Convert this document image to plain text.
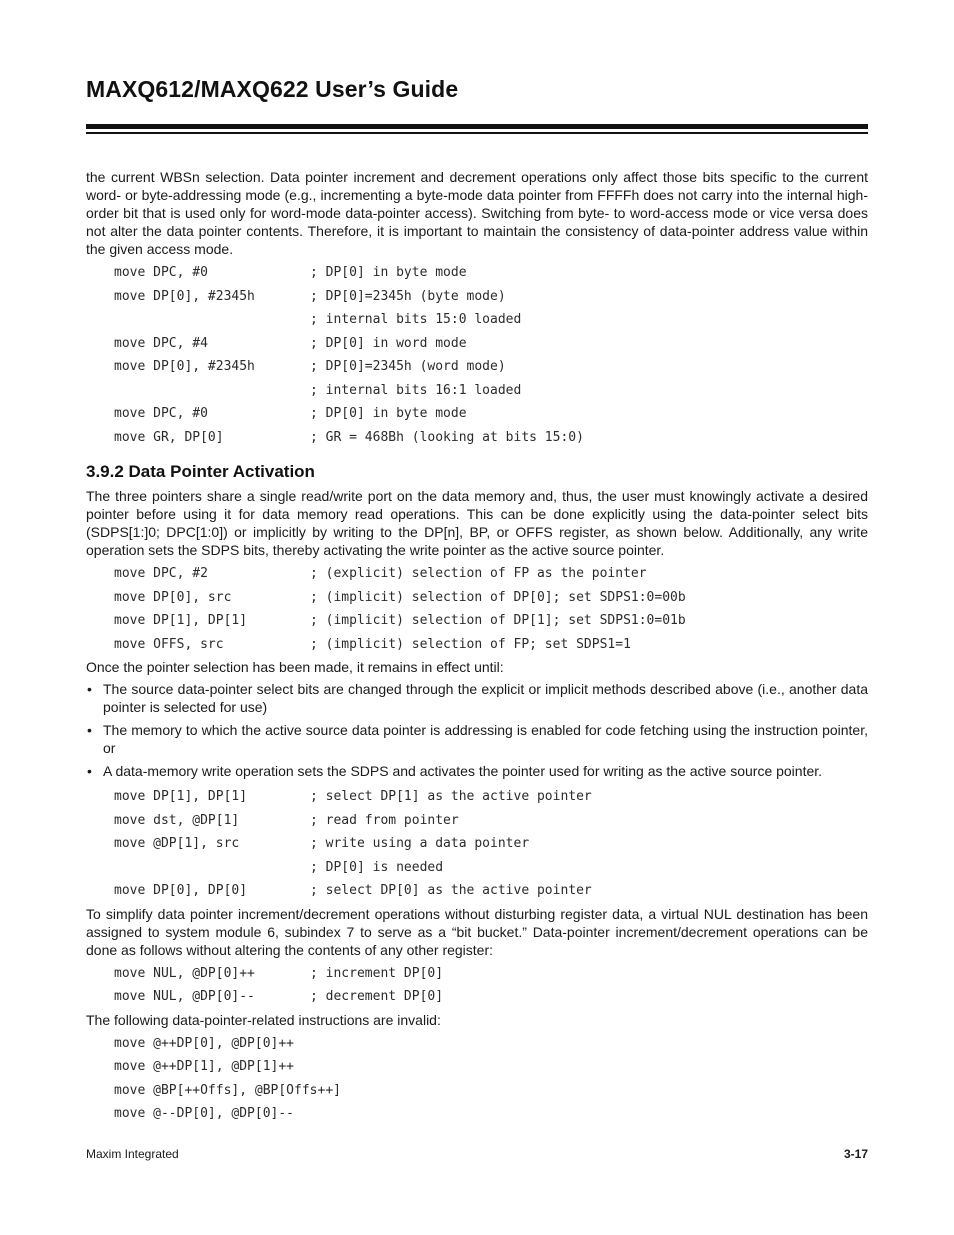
MAXQ612/MAXQ622 User’s Guide

the current WBSn selection. Data pointer increment and decrement operations only affect those bits specific to the current word- or byte-addressing mode (e.g., incrementing a byte-mode data pointer from FFFFh does not carry into the internal high-order bit that is used only for word-mode data-pointer access). Switching from byte- to word-access mode or vice versa does not alter the data pointer contents. Therefore, it is important to maintain the consistency of data-pointer address value within the given access mode.

move DPC, #0	; DP[0] in byte mode
move DP[0], #2345h	; DP[0]=2345h (byte mode)
; internal bits 15:0 loaded
move DPC, #4	; DP[0] in word mode
move DP[0], #2345h	; DP[0]=2345h (word mode)
; internal bits 16:1 loaded
move DPC, #0	; DP[0] in byte mode
move GR, DP[0]	; GR = 468Bh (looking at bits 15:0)
3.9.2 Data Pointer Activation

The three pointers share a single read/write port on the data memory and, thus, the user must knowingly activate a desired pointer before using it for data memory read operations. This can be done explicitly using the data-pointer select bits (SDPS[1:]0; DPC[1:0]) or implicitly by writing to the DP[n], BP, or OFFS register, as shown below. Additionally, any write operation sets the SDPS bits, thereby activating the write pointer as the active source pointer.

move DPC, #2	; (explicit) selection of FP as the pointer
move DP[0], src	; (implicit) selection of DP[0]; set SDPS1:0=00b
move DP[1], DP[1]	; (implicit) selection of DP[1]; set SDPS1:0=01b
move OFFS, src	; (implicit) selection of FP; set SDPS1=1

Once the pointer selection has been made, it remains in effect until:

• The source data-pointer select bits are changed through the explicit or implicit methods described above (i.e., another data pointer is selected for use)
• The memory to which the active source data pointer is addressing is enabled for code fetching using the instruction pointer, or
• A data-memory write operation sets the SDPS and activates the pointer used for writing as the active source pointer.
move DP[1], DP[1]	; select DP[1] as the active pointer
move dst, @DP[1]	; read from pointer
move @DP[1], src	; write using a data pointer
; DP[0] is needed
move DP[0], DP[0]	; select DP[0] as the active pointer

To simplify data pointer increment/decrement operations without disturbing register data, a virtual NUL destination has been assigned to system module 6, subindex 7 to serve as a “bit bucket.” Data-pointer increment/decrement operations can be done as follows without altering the contents of any other register:

move NUL, @DP[0]++	; increment DP[0]
move NUL, @DP[0]--	; decrement DP[0]

The following data-pointer-related instructions are invalid:

move @++DP[0], @DP[0]++
move @++DP[1], @DP[1]++
move @BP[++Offs], @BP[Offs++]
move @--DP[0], @DP[0]--
Maxim Integrated	3-17
